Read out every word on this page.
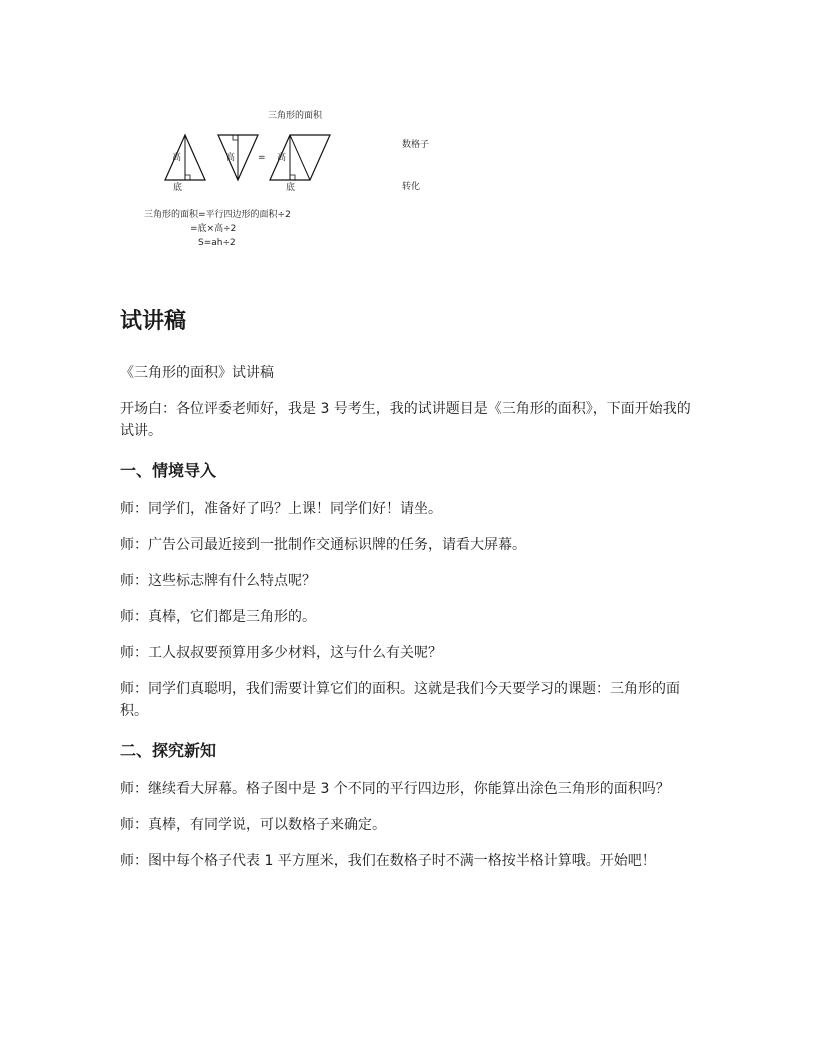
三角形的面积
高	高	= 高
底	底
三角形的面积=平行四边形的面积÷2
=底×高÷2
S=ah÷2
数格子
转化
试讲稿

《三角形的面积》试讲稿

开场白：各位评委老师好，我是 3 号考生，我的试讲题目是《三角形的面积》，下面开始我的试讲。

一、情境导入

师：同学们，准备好了吗？上课！同学们好！请坐。

师：广告公司最近接到一批制作交通标识牌的任务，请看大屏幕。

师：这些标志牌有什么特点呢？

师：真棒，它们都是三角形的。

师：工人叔叔要预算用多少材料，这与什么有关呢？

师：同学们真聪明，我们需要计算它们的面积。这就是我们今天要学习的课题：三角形的面积。

二、探究新知

师：继续看大屏幕。格子图中是 3 个不同的平行四边形，你能算出涂色三角形的面积吗？

师：真棒，有同学说，可以数格子来确定。

师：图中每个格子代表 1 平方厘米，我们在数格子时不满一格按半格计算哦。开始吧！
